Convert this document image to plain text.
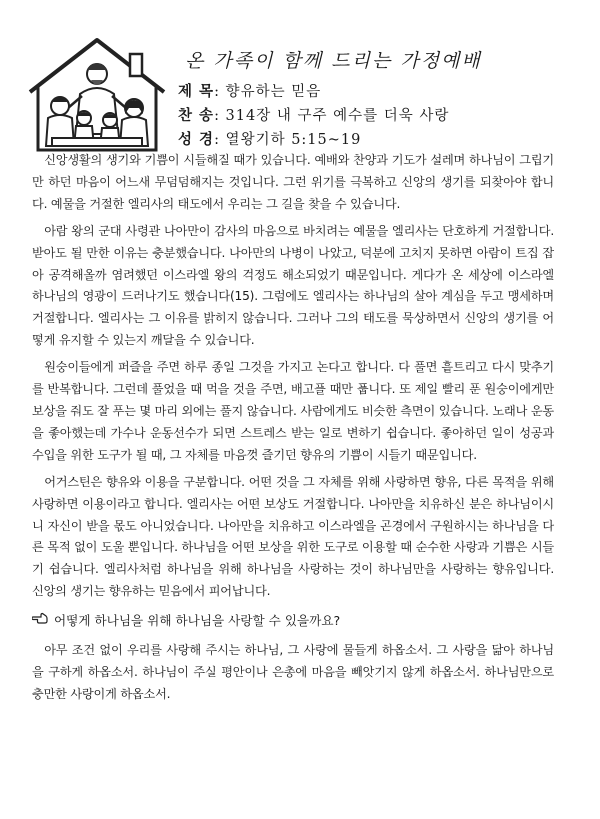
온 가족이 함께 드리는 가정예배
제 목: 향유하는 믿음
찬 송: 314장 내 구주 예수를 더욱 사랑
성 경: 열왕기하 5:15~19

신앙생활의 생기와 기쁨이 시들해질 때가 있습니다. 예배와 찬양과 기도가 설레며 하나님이 그립기만 하던 마음이 어느새 무덤덤해지는 것입니다. 그런 위기를 극복하고 신앙의 생기를 되찾아야 합니다. 예물을 거절한 엘리사의 태도에서 우리는 그 길을 찾을 수 있습니다.

아람 왕의 군대 사령관 나아만이 감사의 마음으로 바치려는 예물을 엘리사는 단호하게 거절합니다. 받아도 될 만한 이유는 충분했습니다. 나아만의 나병이 나았고, 덕분에 고치지 못하면 아람이 트집 잡아 공격해올까 염려했던 이스라엘 왕의 걱정도 해소되었기 때문입니다. 게다가 온 세상에 이스라엘 하나님의 영광이 드러나기도 했습니다(15). 그럼에도 엘리사는 하나님의 살아 계심을 두고 맹세하며 거절합니다. 엘리사는 그 이유를 밝히지 않습니다. 그러나 그의 태도를 묵상하면서 신앙의 생기를 어떻게 유지할 수 있는지 깨달을 수 있습니다.

원숭이들에게 퍼즐을 주면 하루 종일 그것을 가지고 논다고 합니다. 다 풀면 흩트리고 다시 맞추기를 반복합니다. 그런데 풀었을 때 먹을 것을 주면, 배고플 때만 풉니다. 또 제일 빨리 푼 원숭이에게만 보상을 줘도 잘 푸는 몇 마리 외에는 풀지 않습니다. 사람에게도 비슷한 측면이 있습니다. 노래나 운동을 좋아했는데 가수나 운동선수가 되면 스트레스 받는 일로 변하기 쉽습니다. 좋아하던 일이 성공과 수입을 위한 도구가 될 때, 그 자체를 마음껏 즐기던 향유의 기쁨이 시들기 때문입니다.

어거스틴은 향유와 이용을 구분합니다. 어떤 것을 그 자체를 위해 사랑하면 향유, 다른 목적을 위해 사랑하면 이용이라고 합니다. 엘리사는 어떤 보상도 거절합니다. 나아만을 치유하신 분은 하나님이시니 자신이 받을 몫도 아니었습니다. 나아만을 치유하고 이스라엘을 곤경에서 구원하시는 하나님을 다른 목적 없이 도울 뿐입니다. 하나님을 어떤 보상을 위한 도구로 이용할 때 순수한 사랑과 기쁨은 시들기 쉽습니다. 엘리사처럼 하나님을 위해 하나님을 사랑하는 것이 하나님만을 사랑하는 향유입니다. 신앙의 생기는 향유하는 믿음에서 피어납니다.

어떻게 하나님을 위해 하나님을 사랑할 수 있을까요?

아무 조건 없이 우리를 사랑해 주시는 하나님, 그 사랑에 물들게 하옵소서. 그 사랑을 닮아 하나님을 구하게 하옵소서. 하나님이 주실 평안이나 은총에 마음을 빼앗기지 않게 하옵소서. 하나님만으로 충만한 사랑이게 하옵소서.
